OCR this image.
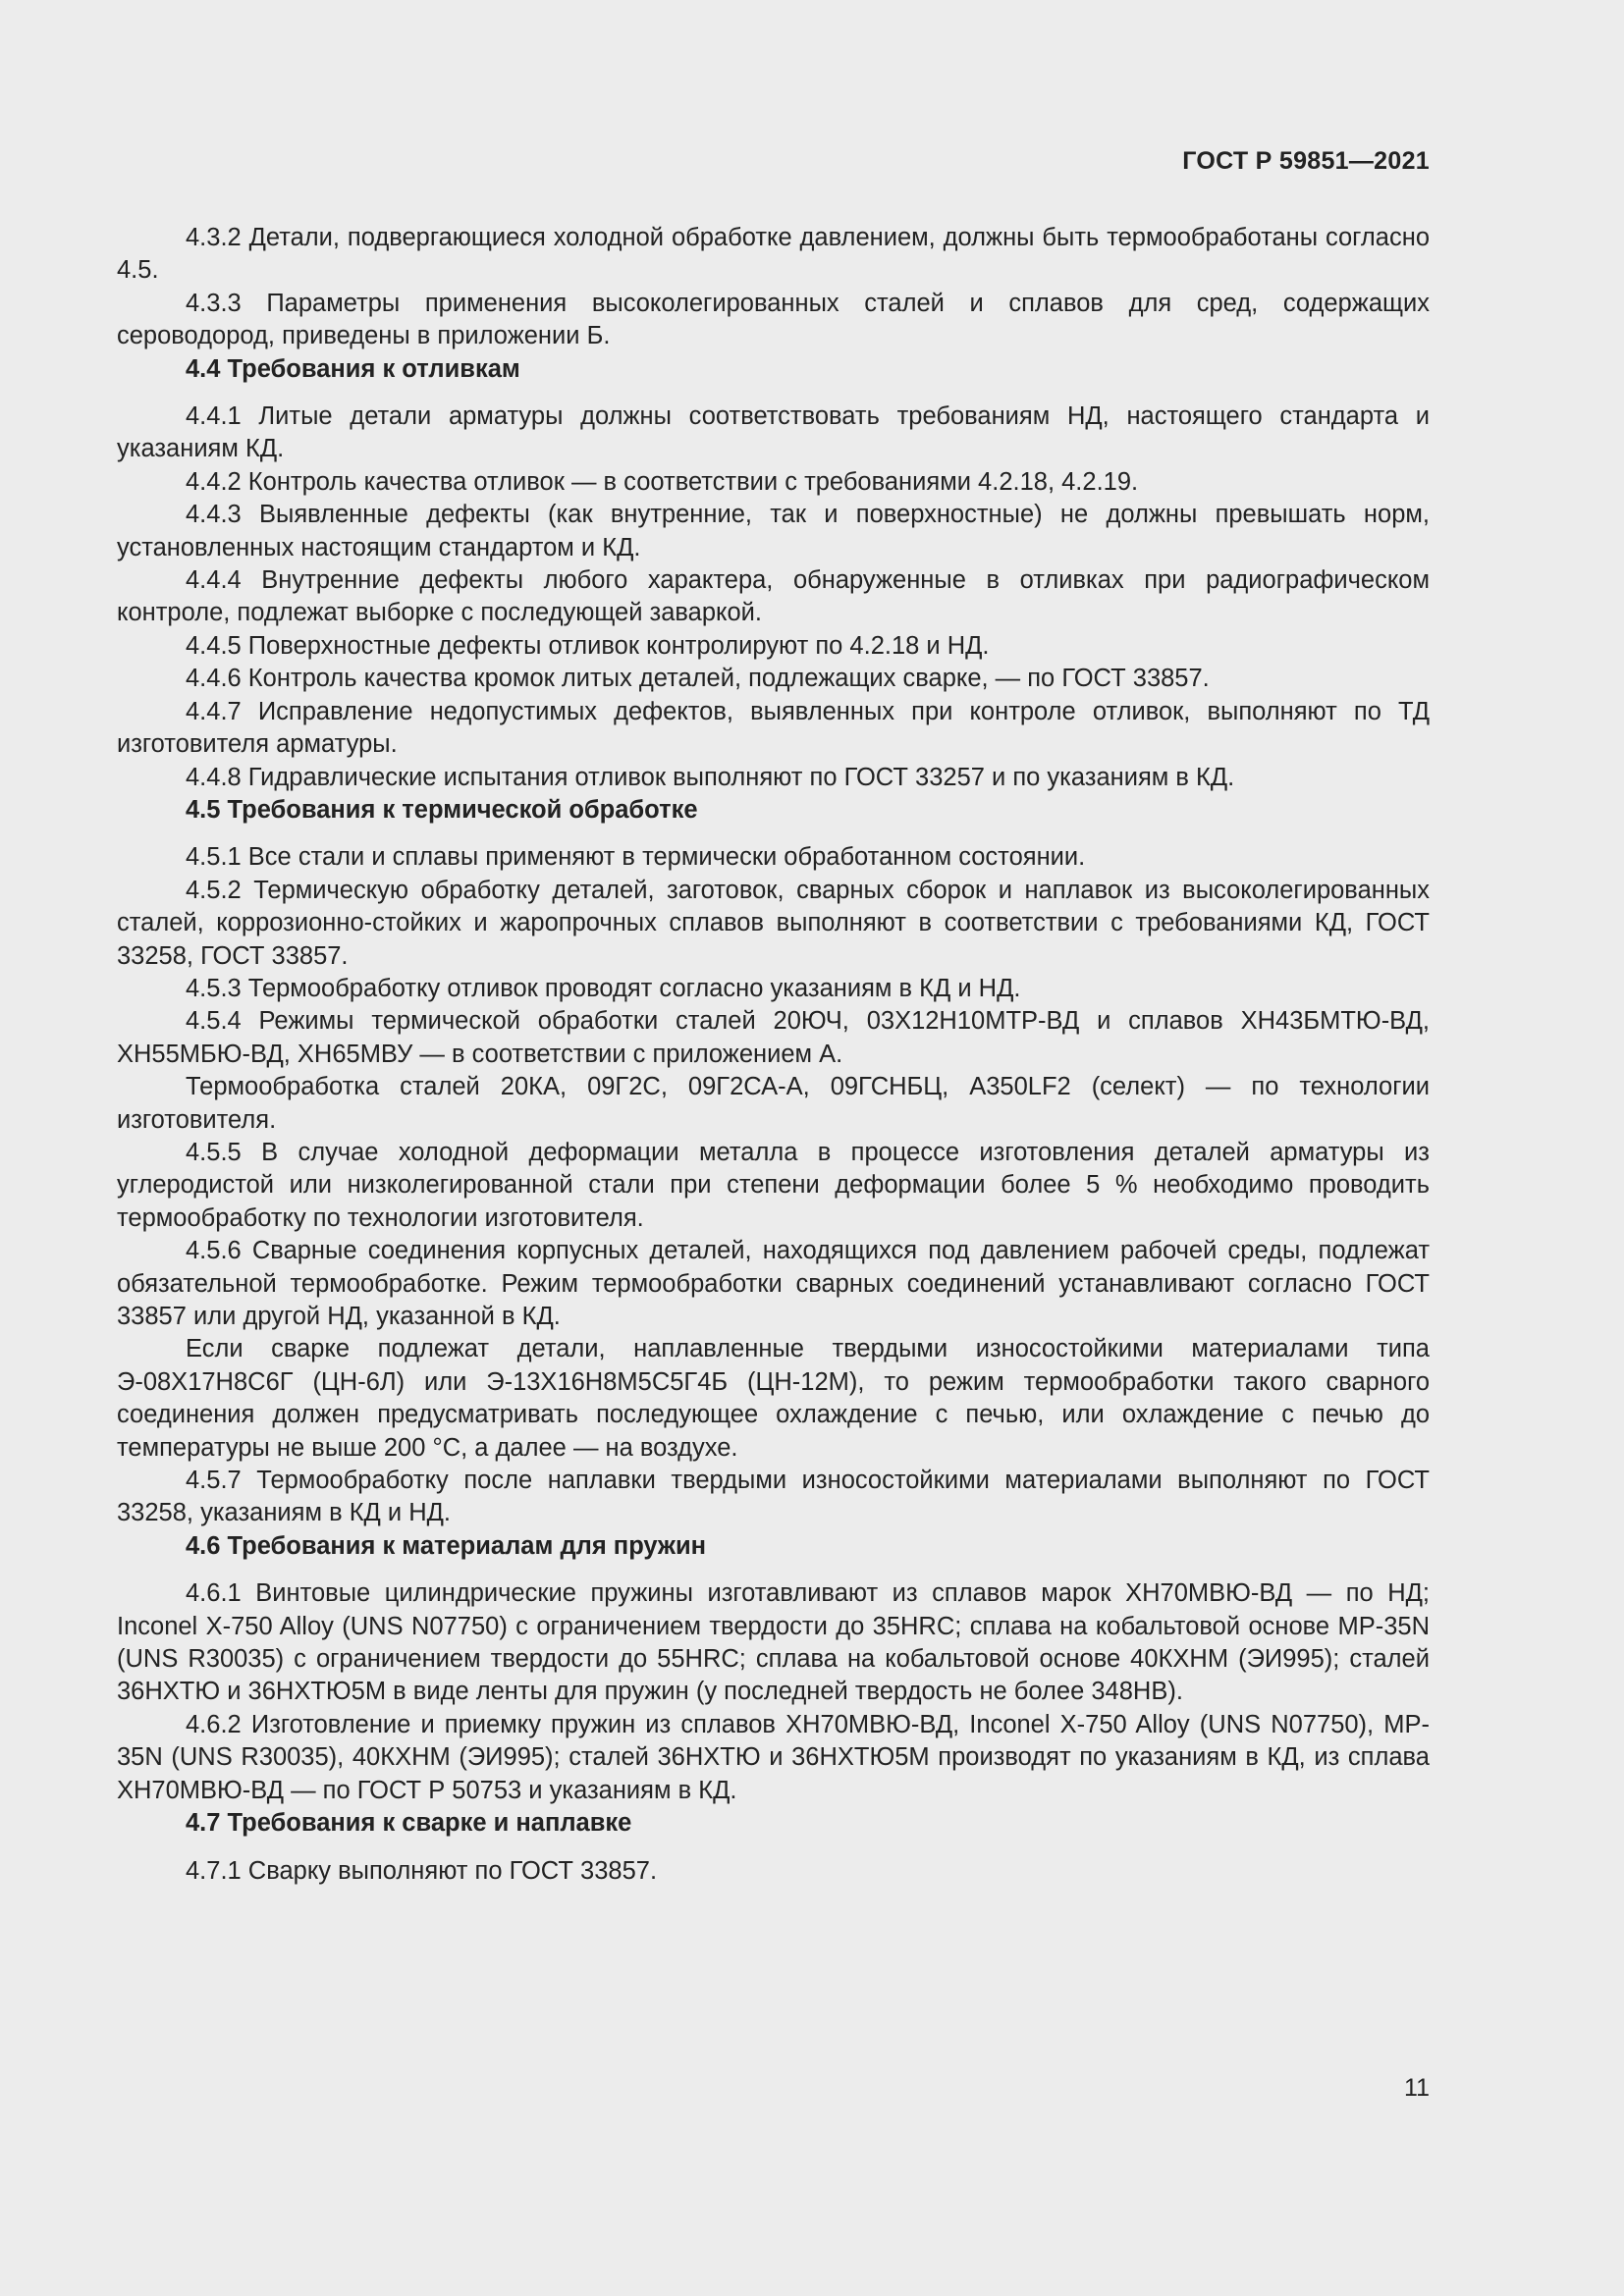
ГОСТ Р 59851—2021

4.3.2 Детали, подвергающиеся холодной обработке давлением, должны быть термообработаны согласно 4.5.

4.3.3 Параметры применения высоколегированных сталей и сплавов для сред, содержащих сероводород, приведены в приложении Б.

4.4 Требования к отливкам

4.4.1 Литые детали арматуры должны соответствовать требованиям НД, настоящего стандарта и указаниям КД.

4.4.2 Контроль качества отливок — в соответствии с требованиями 4.2.18, 4.2.19.

4.4.3 Выявленные дефекты (как внутренние, так и поверхностные) не должны превышать норм, установленных настоящим стандартом и КД.

4.4.4 Внутренние дефекты любого характера, обнаруженные в отливках при радиографическом контроле, подлежат выборке с последующей заваркой.

4.4.5 Поверхностные дефекты отливок контролируют по 4.2.18 и НД.

4.4.6 Контроль качества кромок литых деталей, подлежащих сварке, — по ГОСТ 33857.

4.4.7 Исправление недопустимых дефектов, выявленных при контроле отливок, выполняют по ТД изготовителя арматуры.

4.4.8 Гидравлические испытания отливок выполняют по ГОСТ 33257 и по указаниям в КД.

4.5 Требования к термической обработке

4.5.1 Все стали и сплавы применяют в термически обработанном состоянии.

4.5.2 Термическую обработку деталей, заготовок, сварных сборок и наплавок из высоколегированных сталей, коррозионно-стойких и жаропрочных сплавов выполняют в соответствии с требованиями КД, ГОСТ 33258, ГОСТ 33857.

4.5.3 Термообработку отливок проводят согласно указаниям в КД и НД.

4.5.4 Режимы термической обработки сталей 20ЮЧ, 03Х12Н10МТР-ВД и сплавов ХН43БМТЮ-ВД, ХН55МБЮ-ВД, ХН65МВУ — в соответствии с приложением А.

Термообработка сталей 20КА, 09Г2С, 09Г2СА-А, 09ГСНБЦ, A350LF2 (селект) — по технологии изготовителя.

4.5.5 В случае холодной деформации металла в процессе изготовления деталей арматуры из углеродистой или низколегированной стали при степени деформации более 5 % необходимо проводить термообработку по технологии изготовителя.

4.5.6 Сварные соединения корпусных деталей, находящихся под давлением рабочей среды, подлежат обязательной термообработке. Режим термообработки сварных соединений устанавливают согласно ГОСТ 33857 или другой НД, указанной в КД.

Если сварке подлежат детали, наплавленные твердыми износостойкими материалами типа Э-08Х17Н8С6Г (ЦН-6Л) или Э-13Х16Н8М5С5Г4Б (ЦН-12М), то режим термообработки такого сварного соединения должен предусматривать последующее охлаждение с печью, или охлаждение с печью до температуры не выше 200 °С, а далее — на воздухе.

4.5.7 Термообработку после наплавки твердыми износостойкими материалами выполняют по ГОСТ 33258, указаниям в КД и НД.

4.6 Требования к материалам для пружин

4.6.1 Винтовые цилиндрические пружины изготавливают из сплавов марок ХН70МВЮ-ВД — по НД; Inconel X-750 Alloy (UNS N07750) с ограничением твердости до 35HRC; сплава на кобальтовой основе MP-35N (UNS R30035) с ограничением твердости до 55HRC; сплава на кобальтовой основе 40КХНМ (ЭИ995); сталей 36НХТЮ и 36НХТЮ5М в виде ленты для пружин (у последней твердость не более 348НВ).

4.6.2 Изготовление и приемку пружин из сплавов ХН70МВЮ-ВД, Inconel X-750 Alloy (UNS N07750), MP-35N (UNS R30035), 40КХНМ (ЭИ995); сталей 36НХТЮ и 36НХТЮ5М производят по указаниям в КД, из сплава ХН70МВЮ-ВД — по ГОСТ Р 50753 и указаниям в КД.

4.7 Требования к сварке и наплавке

4.7.1 Сварку выполняют по ГОСТ 33857.

11
